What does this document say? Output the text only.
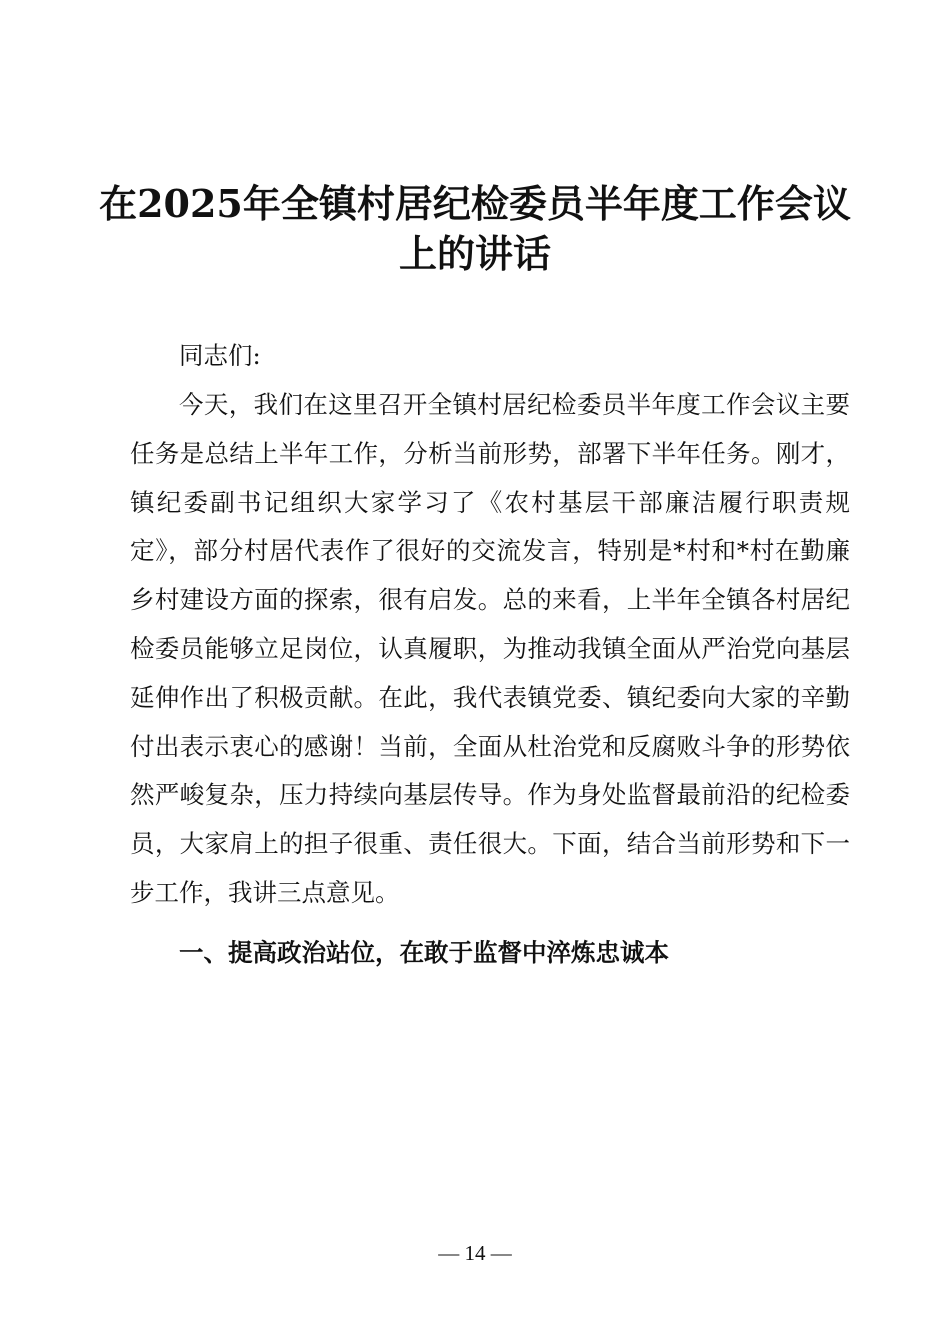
在2025年全镇村居纪检委员半年度工作会议
上的讲话

同志们:

今天，我们在这里召开全镇村居纪检委员半年度工作会议主要任务是总结上半年工作，分析当前形势，部署下半年任务。刚才，镇纪委副书记组织大家学习了《农村基层干部廉洁履行职责规定》，部分村居代表作了很好的交流发言，特别是*村和*村在勤廉乡村建设方面的探索，很有启发。总的来看，上半年全镇各村居纪检委员能够立足岗位，认真履职，为推动我镇全面从严治党向基层延伸作出了积极贡献。在此，我代表镇党委、镇纪委向大家的辛勤付出表示衷心的感谢！当前，全面从杜治党和反腐败斗争的形势依然严峻复杂，压力持续向基层传导。作为身处监督最前沿的纪检委员，大家肩上的担子很重、责任很大。下面，结合当前形势和下一步工作，我讲三点意见。

一、提高政治站位，在敢于监督中淬炼忠诚本

— 14 —
